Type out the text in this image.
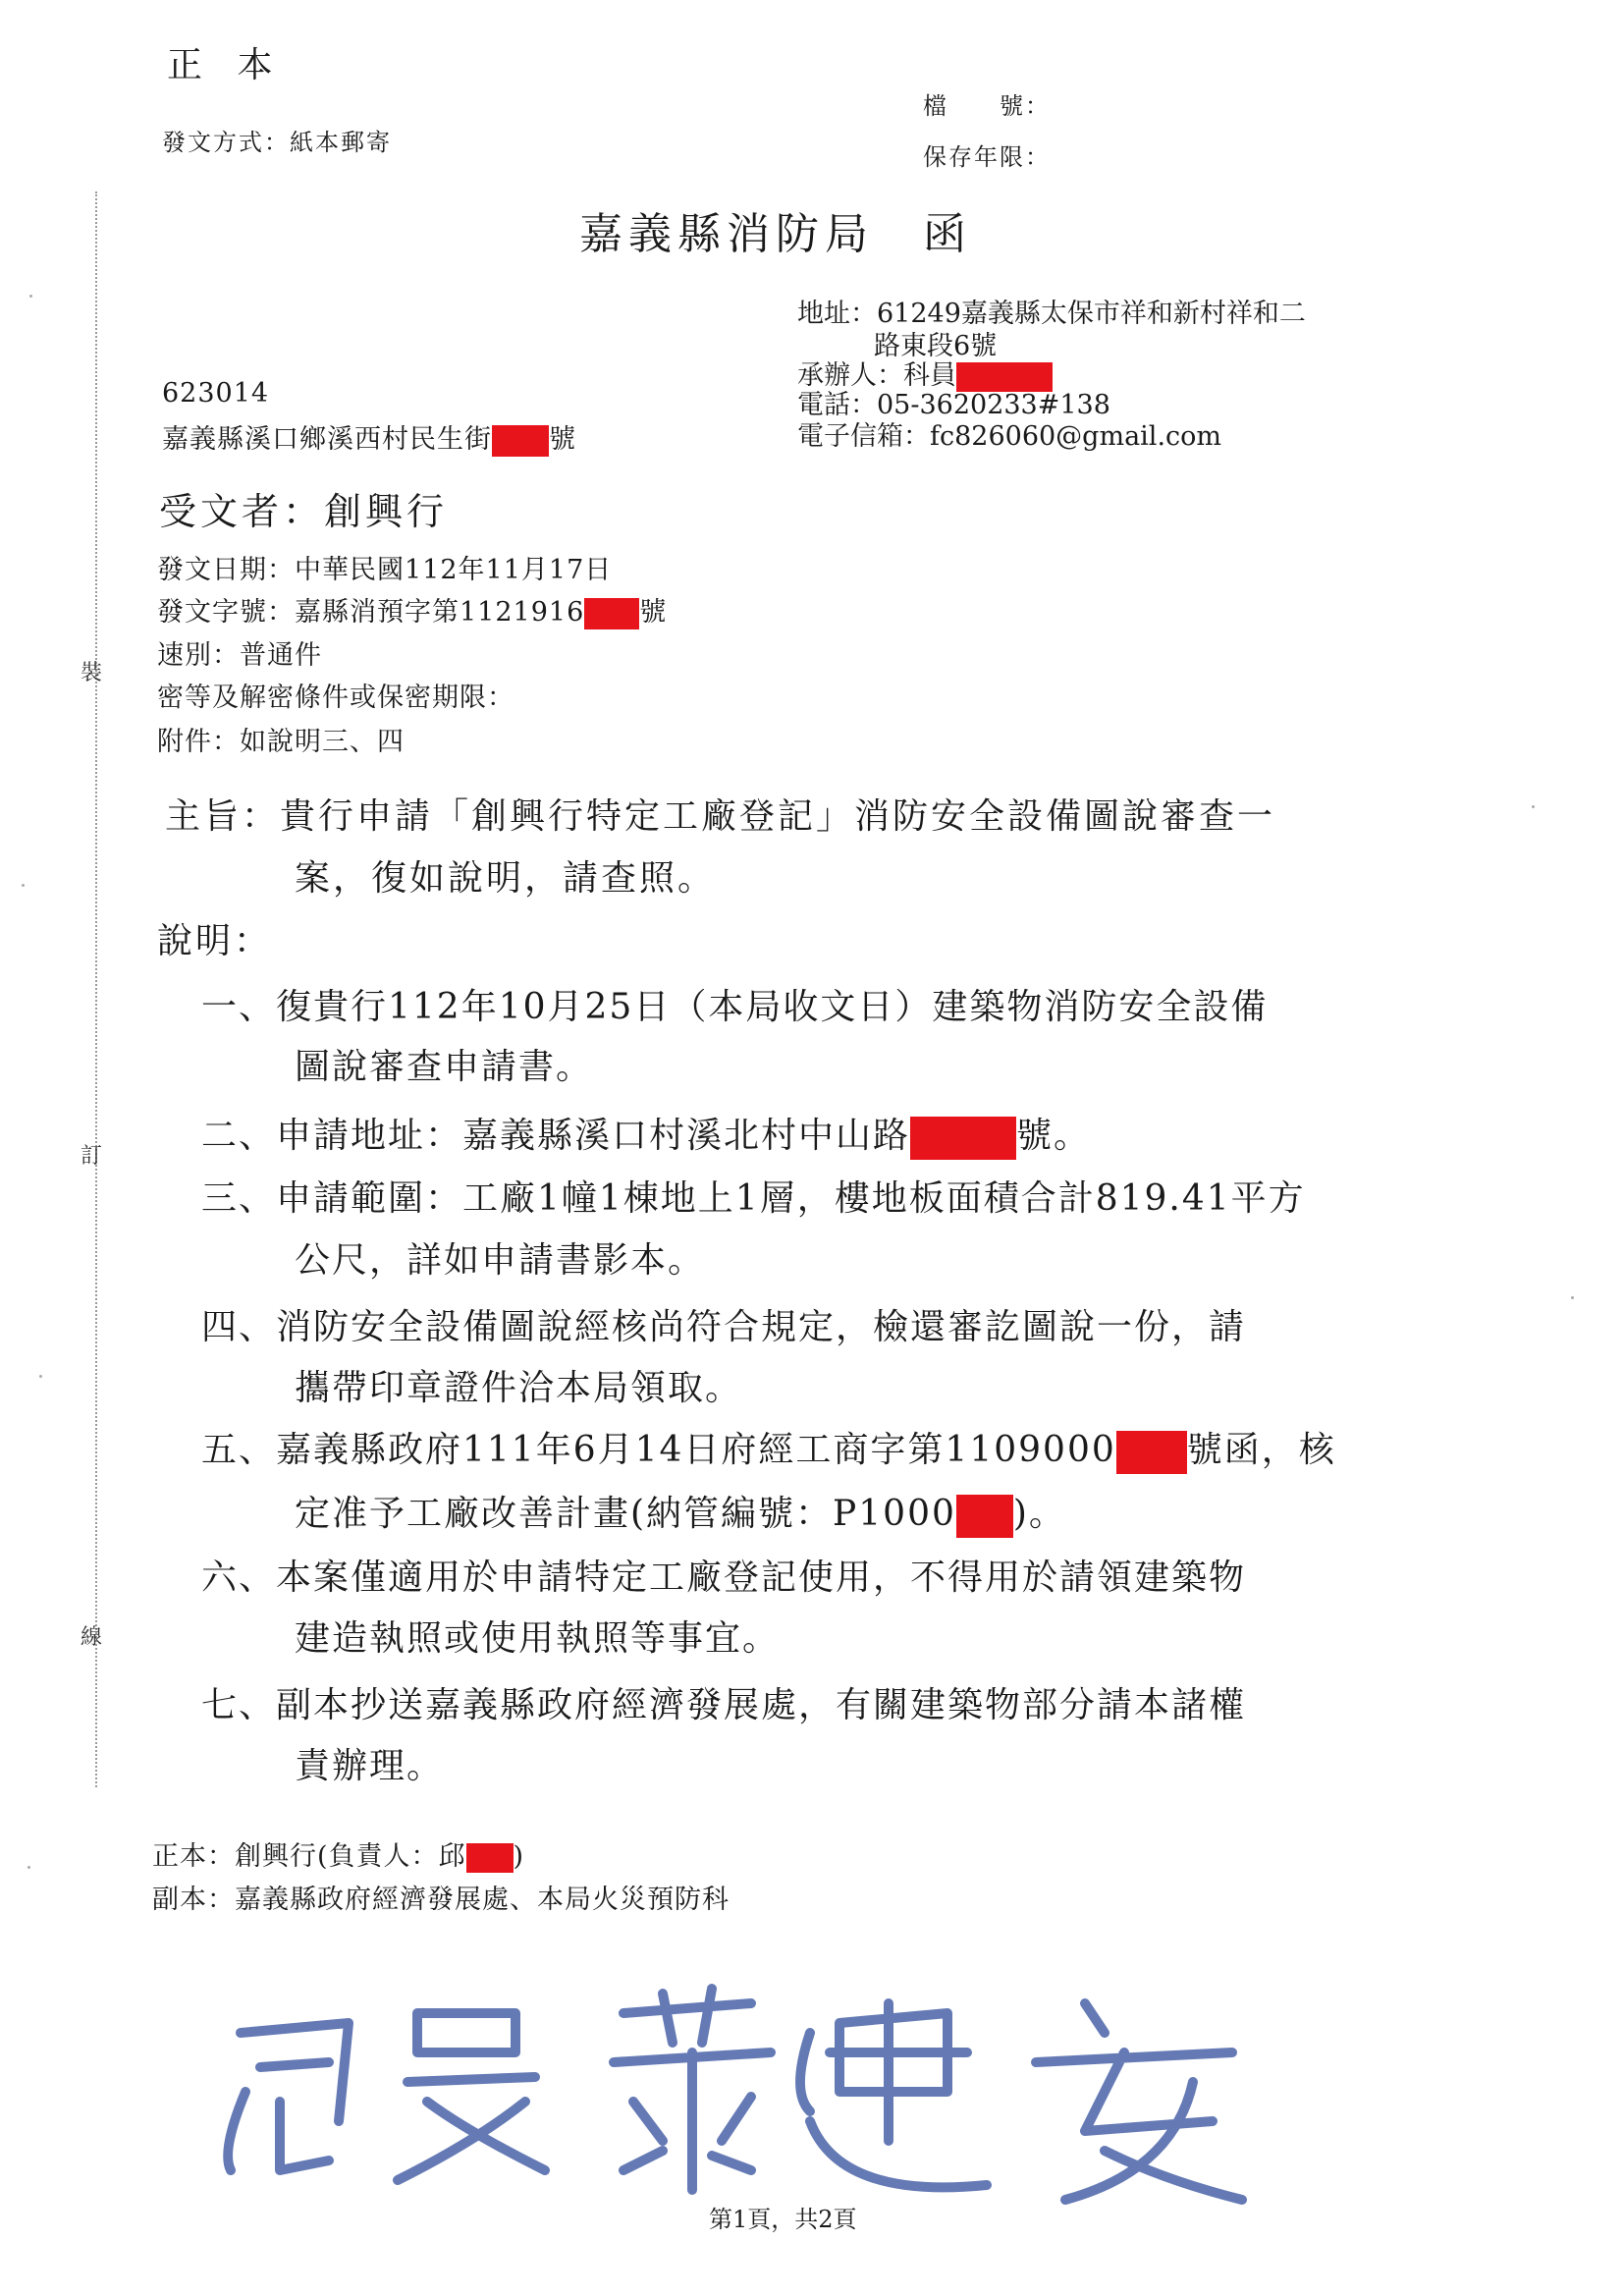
裝
訂
線
正 本
發文方式：紙本郵寄
檔　　號：
保存年限：
嘉義縣消防局　函
地址：61249嘉義縣太保市祥和新村祥和二
路東段6號
承辦人：科員
電話：05-3620233#138
電子信箱：fc826060@gmail.com
623014
嘉義縣溪口鄉溪西村民生街 號
受文者：創興行
發文日期：中華民國112年11月17日
發文字號：嘉縣消預字第1121916 號
速別：普通件
密等及解密條件或保密期限：
附件：如說明三、四
主旨：貴行申請「創興行特定工廠登記」消防安全設備圖說審查一
案，復如說明，請查照。
說明：
一、復貴行112年10月25日（本局收文日）建築物消防安全設備
圖說審查申請書。
二、申請地址：嘉義縣溪口村溪北村中山路	號。
三、申請範圍：工廠1幢1棟地上1層，樓地板面積合計819.41平方
公尺，詳如申請書影本。
四、消防安全設備圖說經核尚符合規定，檢還審訖圖說一份，請
攜帶印章證件洽本局領取。
五、嘉義縣政府111年6月14日府經工商字第1109000 號函，核
定准予工廠改善計畫(納管編號：P1000 )。
六、本案僅適用於申請特定工廠登記使用，不得用於請領建築物
建造執照或使用執照等事宜。
七、副本抄送嘉義縣政府經濟發展處，有關建築物部分請本諸權
責辦理。
正本：創興行(負責人：邱 )
副本：嘉義縣政府經濟發展處、本局火災預防科
第1頁，共2頁
